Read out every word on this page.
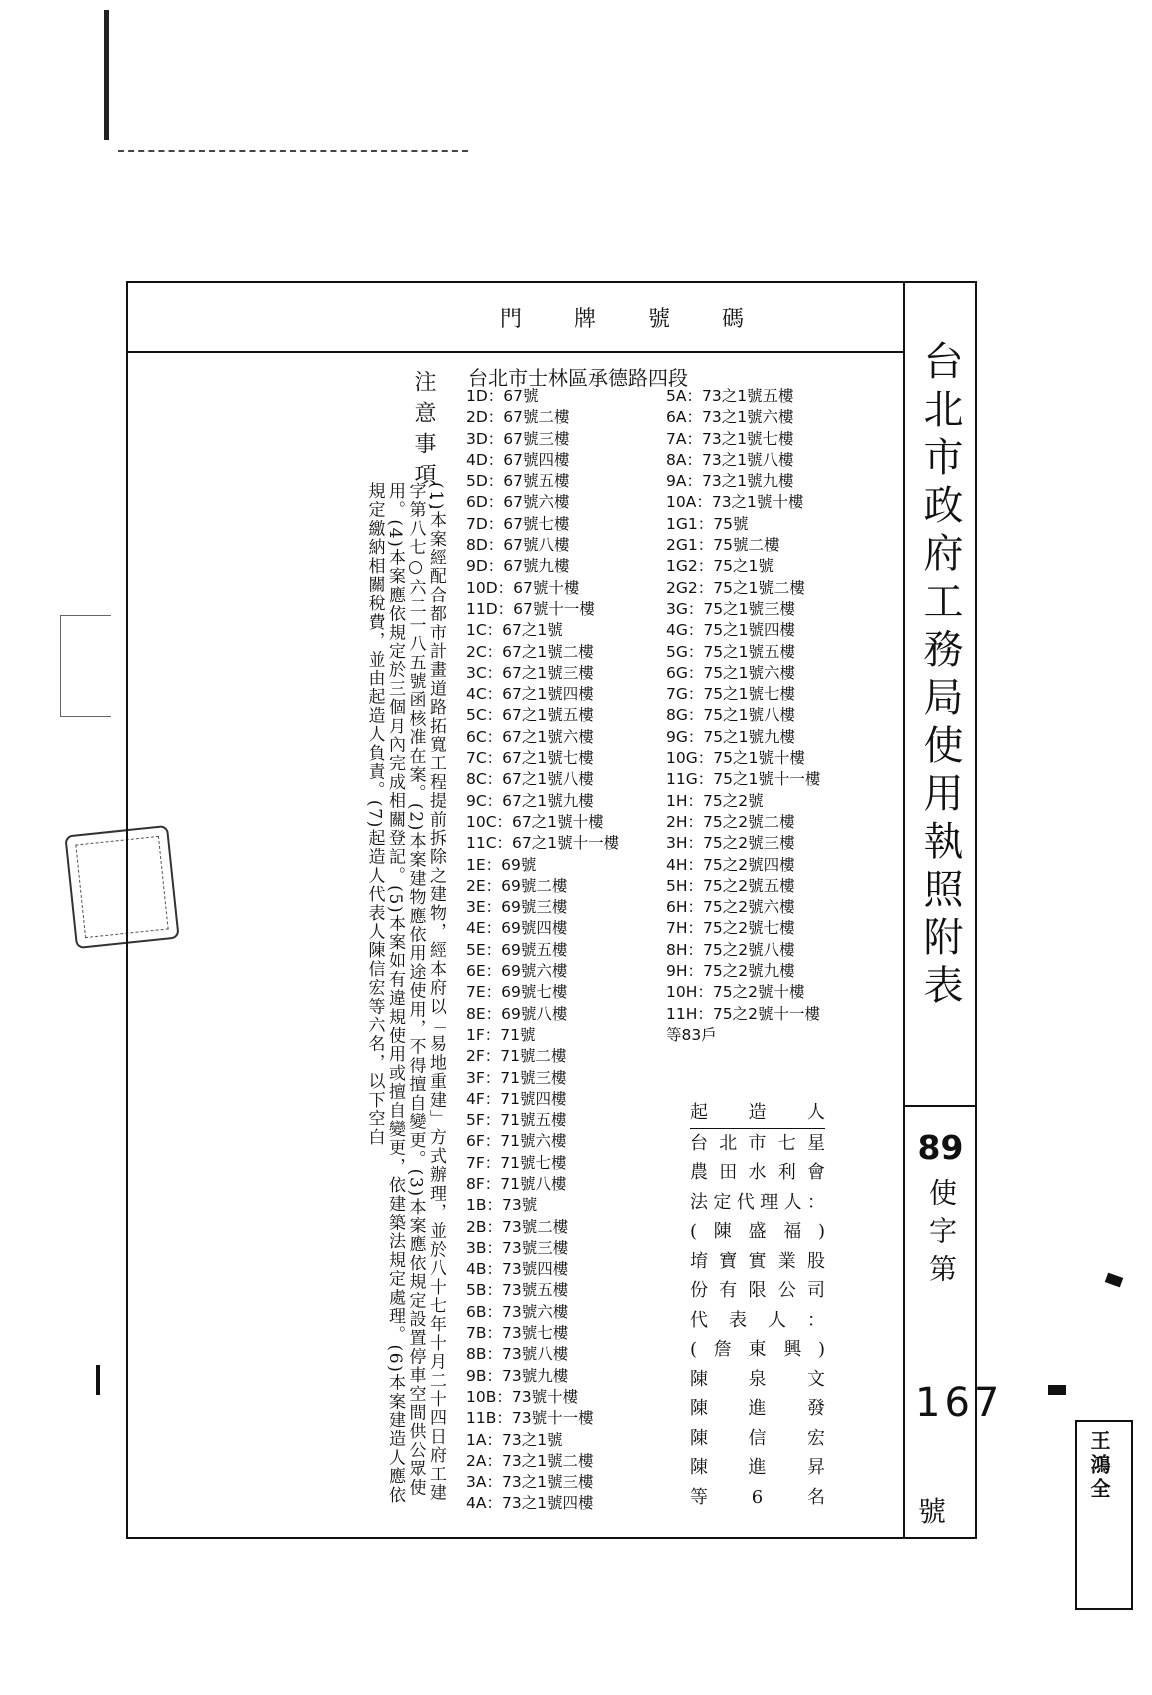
門牌號碼
台北市政府工務局使用執照附表
89
使字第
167
號
注意事項：
(1)本案經配合都市計畫道路拓寬工程提前拆除之建物，經本府以「易地重建」方式辦理，並於八十七年十月二十四日府工建字第八七○六二一八五號函核准在案。(2)本案建物應依用途使用，不得擅自變更。(3)本案應依規定設置停車空間供公眾使用。(4)本案應依規定於三個月內完成相關登記。(5)本案如有違規使用或擅自變更，依建築法規定處理。(6)本案建造人應依規定繳納相關稅費，並由起造人負責。(7)起造人代表人陳信宏等六名，以下空白
台北市士林區承德路四段
1D：67號
2D：67號二樓
3D：67號三樓
4D：67號四樓
5D：67號五樓
6D：67號六樓
7D：67號七樓
8D：67號八樓
9D：67號九樓
10D：67號十樓
11D：67號十一樓
1C：67之1號
2C：67之1號二樓
3C：67之1號三樓
4C：67之1號四樓
5C：67之1號五樓
6C：67之1號六樓
7C：67之1號七樓
8C：67之1號八樓
9C：67之1號九樓
10C：67之1號十樓
11C：67之1號十一樓
1E：69號
2E：69號二樓
3E：69號三樓
4E：69號四樓
5E：69號五樓
6E：69號六樓
7E：69號七樓
8E：69號八樓
1F：71號
2F：71號二樓
3F：71號三樓
4F：71號四樓
5F：71號五樓
6F：71號六樓
7F：71號七樓
8F：71號八樓
1B：73號
2B：73號二樓
3B：73號三樓
4B：73號四樓
5B：73號五樓
6B：73號六樓
7B：73號七樓
8B：73號八樓
9B：73號九樓
10B：73號十樓
11B：73號十一樓
1A：73之1號
2A：73之1號二樓
3A：73之1號三樓
4A：73之1號四樓
5A：73之1號五樓
6A：73之1號六樓
7A：73之1號七樓
8A：73之1號八樓
9A：73之1號九樓
10A：73之1號十樓
1G1：75號
2G1：75號二樓
1G2：75之1號
2G2：75之1號二樓
3G：75之1號三樓
4G：75之1號四樓
5G：75之1號五樓
6G：75之1號六樓
7G：75之1號七樓
8G：75之1號八樓
9G：75之1號九樓
10G：75之1號十樓
11G：75之1號十一樓
1H：75之2號
2H：75之2號二樓
3H：75之2號三樓
4H：75之2號四樓
5H：75之2號五樓
6H：75之2號六樓
7H：75之2號七樓
8H：75之2號八樓
9H：75之2號九樓
10H：75之2號十樓
11H：75之2號十一樓
等83戶
起造人
台北市七星
農田水利會
法定代理人：
(陳盛福)
堉寶實業股
份有限公司
代表人：
(詹東興)
陳泉文
陳進發
陳信宏
陳進昇
等6名	王鴻全
